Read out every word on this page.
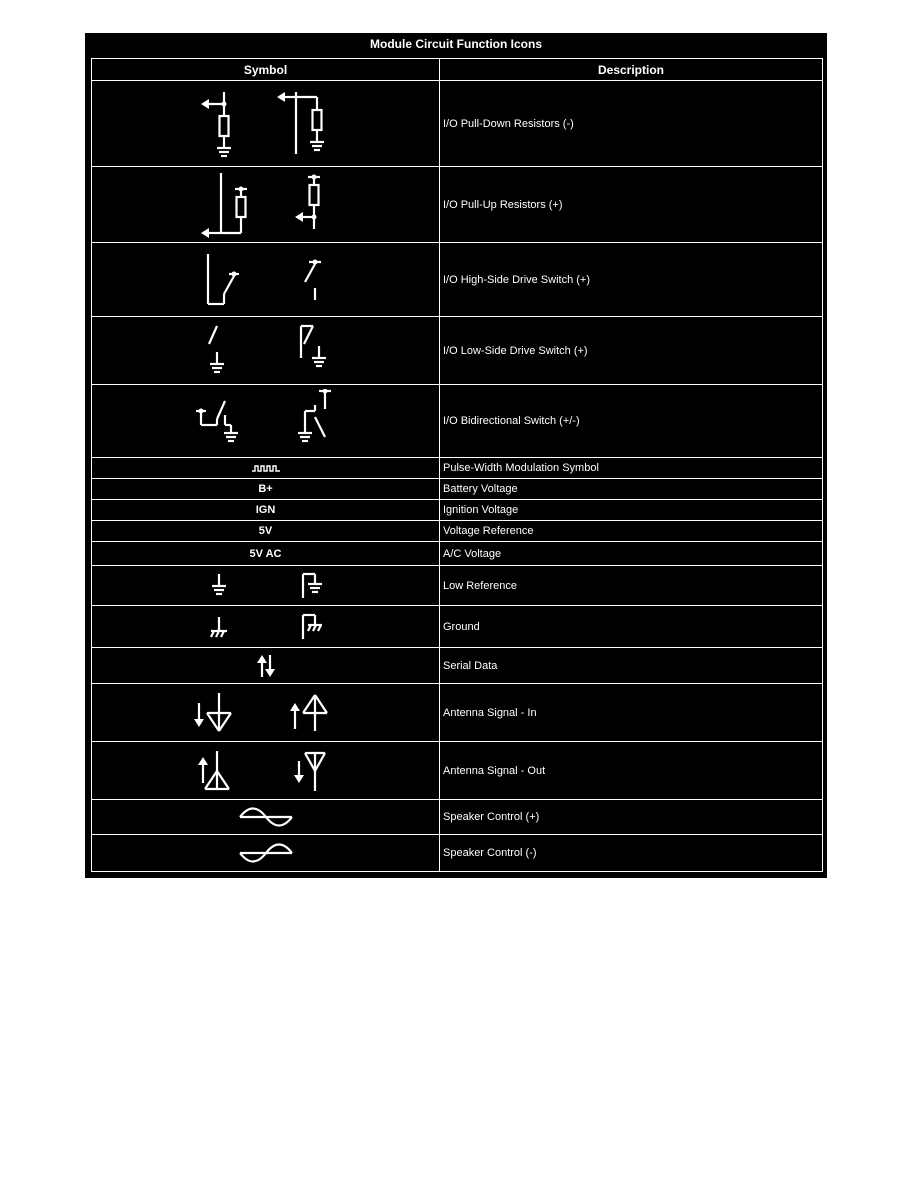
Module Circuit Function Icons
Symbol	Description

	I/O Pull-Down Resistors (-)

	I/O Pull-Up Resistors (+)

	I/O High-Side Drive Switch (+)

	I/O Low-Side Drive Switch (+)

	I/O Bidirectional Switch (+/-)

	Pulse-Width Modulation Symbol
B+	Battery Voltage
IGN	Ignition Voltage
5V	Voltage Reference
5V AC	A/C Voltage

	Low Reference

	Ground

	Serial Data

	Antenna Signal - In

	Antenna Signal - Out

	Speaker Control (+)

	Speaker Control (-)
